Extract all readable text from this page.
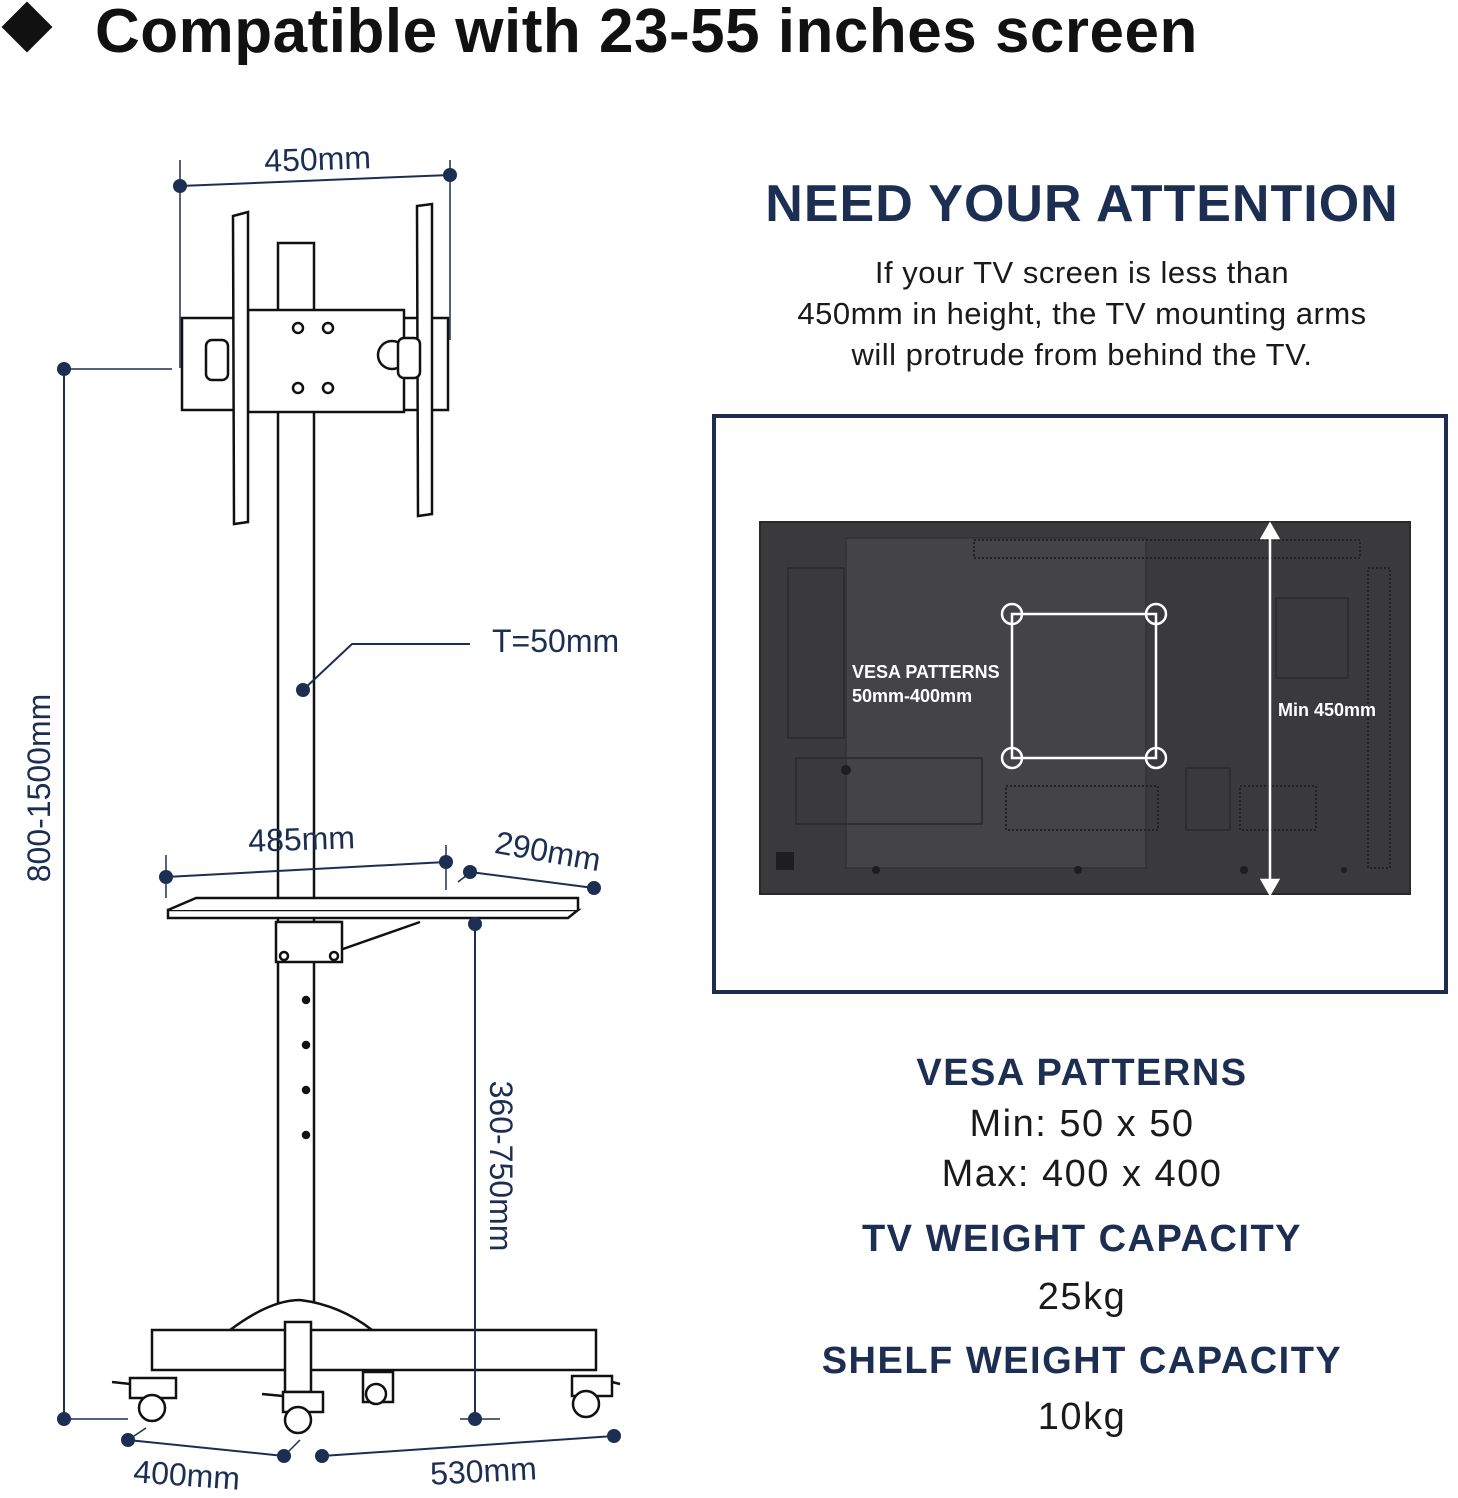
Compatible with 23-55 inches screen
450mm
T=50mm
800-1500mm	485mm	290mm
360-750mm
400mm	530mm
NEED YOUR ATTENTION
If your TV screen is less than
450mm in height, the TV mounting arms
will protrude from behind the TV.
VESA PATTERNS
50mm-400mm
Min 450mm
VESA PATTERNS
Min: 50 x 50
Max: 400 x 400
TV WEIGHT CAPACITY
25kg
SHELF WEIGHT CAPACITY
10kg
